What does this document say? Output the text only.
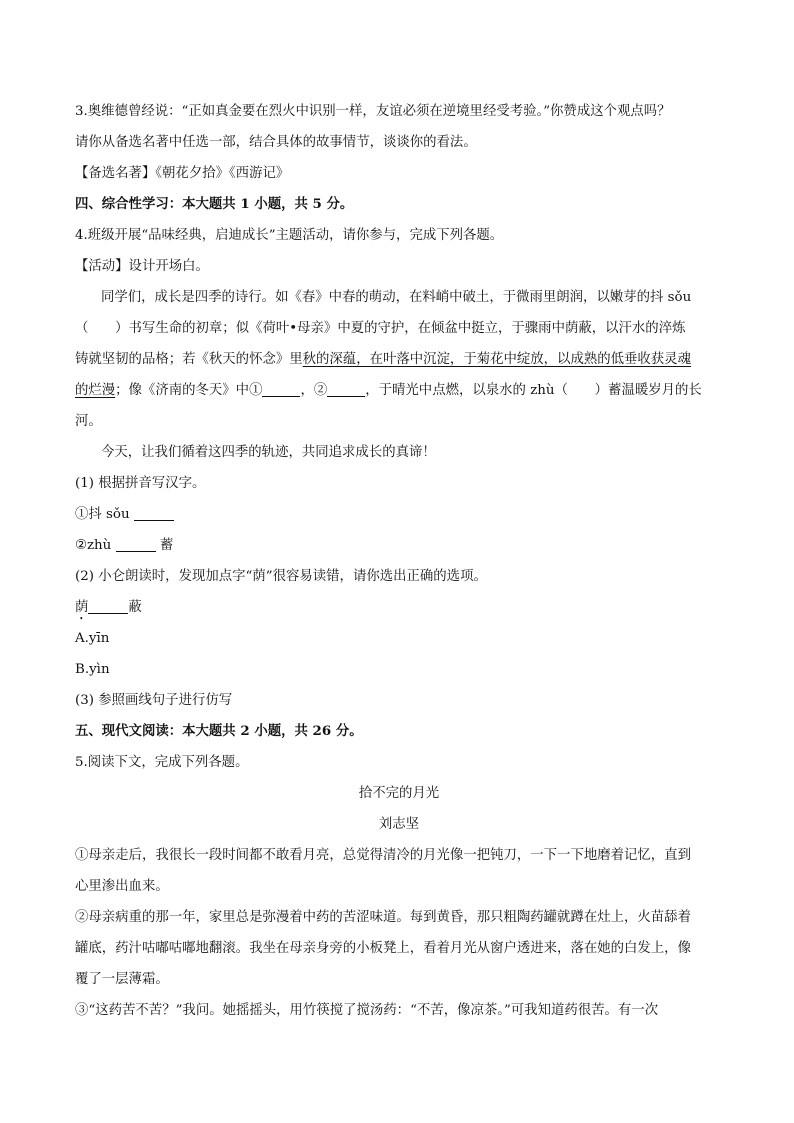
3.奥维德曾经说：“正如真金要在烈火中识别一样，友谊必须在逆境里经受考验。”你赞成这个观点吗？

请你从备选名著中任选一部，结合具体的故事情节，谈谈你的看法。

【备选名著】《朝花夕拾》《西游记》

四、综合性学习：本大题共 1 小题，共 5 分。

4.班级开展“品味经典，启迪成长”主题活动，请你参与，完成下列各题。

【活动】设计开场白。

同学们，成长是四季的诗行。如《春》中春的萌动，在料峭中破土，于微雨里朗润，以嫩芽的抖 sǒu

（　　）书写生命的初章；似《荷叶•母亲》中夏的守护，在倾盆中挺立，于骤雨中荫蔽，以汗水的淬炼

铸就坚韧的品格；若《秋天的怀念》里秋的深蕴，在叶落中沉淀，于菊花中绽放，以成熟的低垂收获灵魂

的烂漫；像《济南的冬天》中①	，②	，于晴光中点燃，以泉水的 zhù（　　）蓄温暖岁月的长

河。

今天，让我们循着这四季的轨迹，共同追求成长的真谛！

(1) 根据拼音写汉字。

①抖 sǒu

②zhù	蓄

(2) 小仑朗读时，发现加点字“荫”很容易读错，请你选出正确的选项。

荫	蔽

A.yīn

B.yìn

(3) 参照画线句子进行仿写

五、现代文阅读：本大题共 2 小题，共 26 分。

5.阅读下文，完成下列各题。

拾不完的月光

刘志坚

①母亲走后，我很长一段时间都不敢看月亮，总觉得清冷的月光像一把钝刀，一下一下地磨着记忆，直到

心里渗出血来。

②母亲病重的那一年，家里总是弥漫着中药的苦涩味道。每到黄昏，那只粗陶药罐就蹲在灶上，火苗舔着

罐底，药汁咕嘟咕嘟地翻滚。我坐在母亲身旁的小板凳上，看着月光从窗户透进来，落在她的白发上，像

覆了一层薄霜。

③“这药苦不苦？”我问。她摇摇头，用竹筷搅了搅汤药：“不苦，像凉茶。”可我知道药很苦。有一次
